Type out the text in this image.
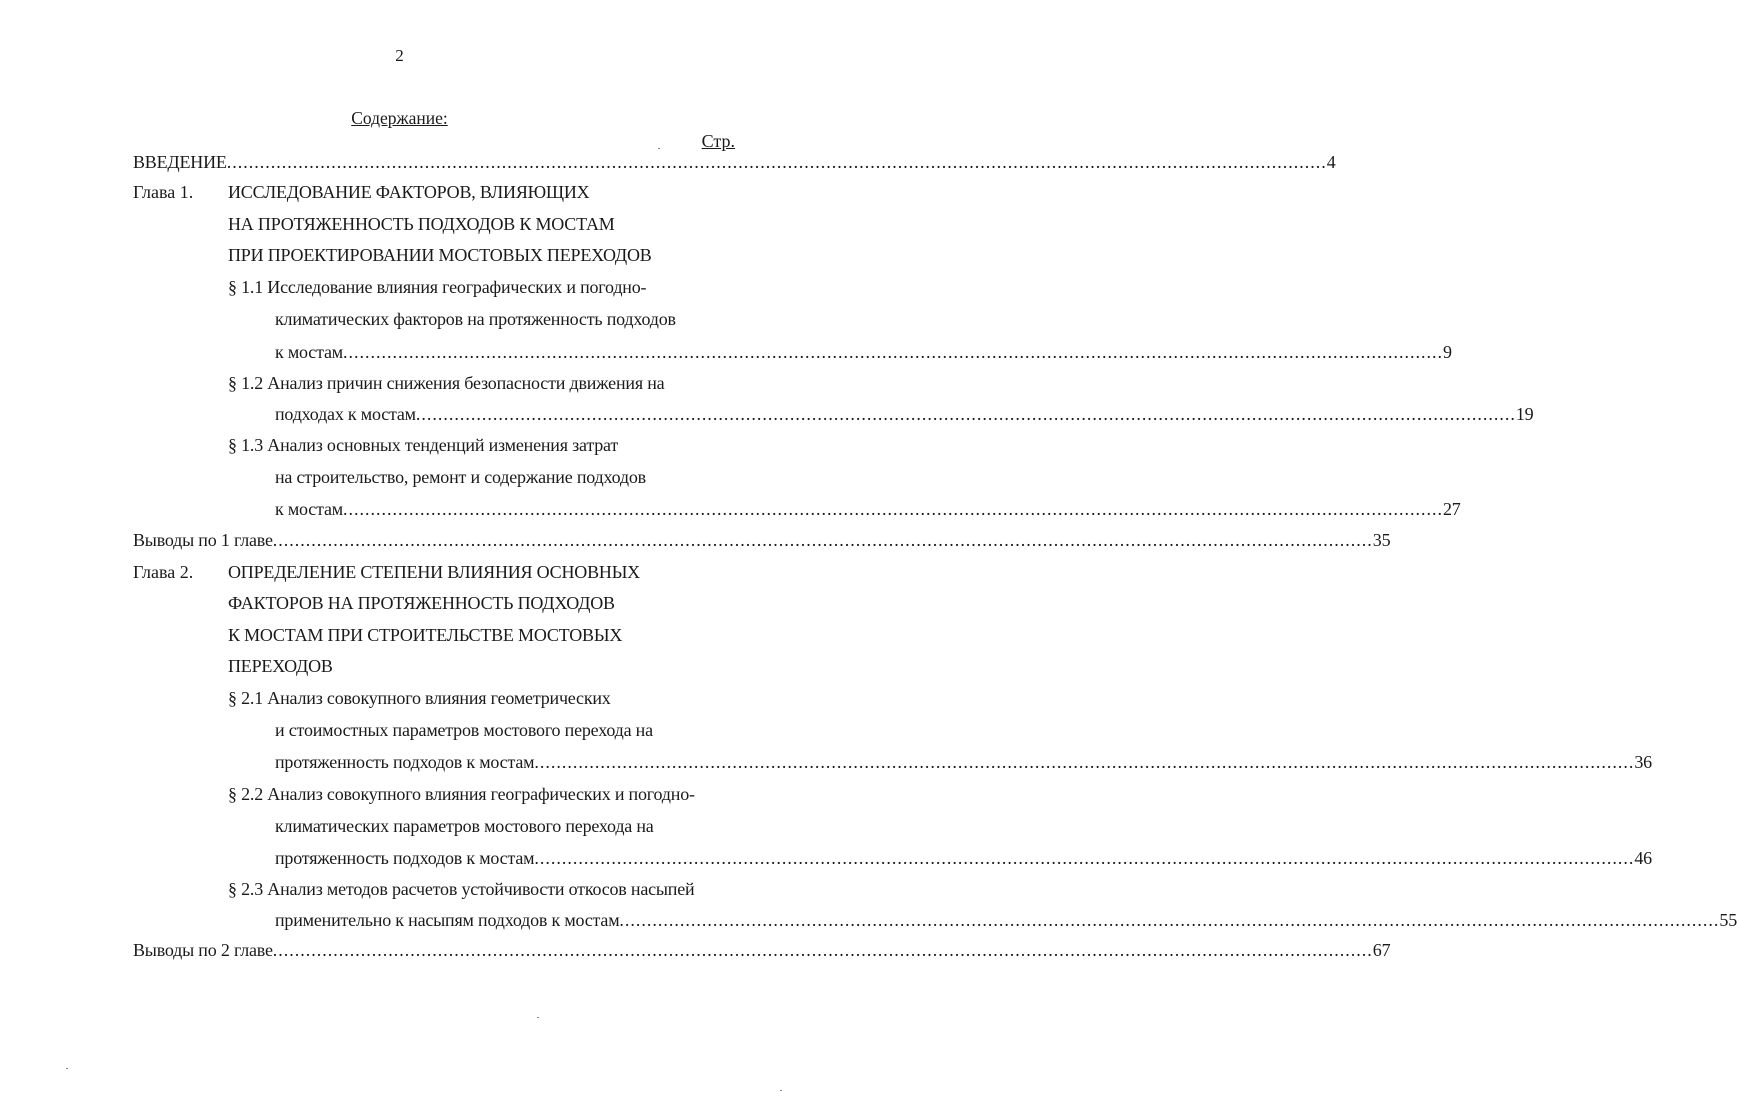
2
Содержание:
Стр.
ВВЕДЕНИЕ ........................................................................................................................................................................................................ 4
Глава 1. ИССЛЕДОВАНИЕ ФАКТОРОВ, ВЛИЯЮЩИХ
НА ПРОТЯЖЕННОСТЬ ПОДХОДОВ К МОСТАМ
ПРИ ПРОЕКТИРОВАНИИ МОСТОВЫХ ПЕРЕХОДОВ
§ 1.1 Исследование влияния географических и погодно-
климатических факторов на протяженность подходов
к мостам ........................................................................................................................................................................................................ 9
§ 1.2 Анализ причин снижения безопасности движения на
подходах к мостам ........................................................................................................................................................................................................ 19
§ 1.3 Анализ основных тенденций изменения затрат
на строительство, ремонт и содержание подходов
к мостам ........................................................................................................................................................................................................ 27
Выводы по 1 главе ........................................................................................................................................................................................................ 35
Глава 2. ОПРЕДЕЛЕНИЕ СТЕПЕНИ ВЛИЯНИЯ ОСНОВНЫХ
ФАКТОРОВ НА ПРОТЯЖЕННОСТЬ ПОДХОДОВ
К МОСТАМ ПРИ СТРОИТЕЛЬСТВЕ МОСТОВЫХ
ПЕРЕХОДОВ
§ 2.1 Анализ совокупного влияния геометрических
и стоимостных параметров мостового перехода на
протяженность подходов к мостам ........................................................................................................................................................................................................ 36
§ 2.2 Анализ совокупного влияния географических и погодно-
климатических параметров мостового перехода на
протяженность подходов к мостам ........................................................................................................................................................................................................ 46
§ 2.3 Анализ методов расчетов устойчивости откосов насыпей
применительно к насыпям подходов к мостам ........................................................................................................................................................................................................ 55
Выводы по 2 главе ........................................................................................................................................................................................................ 67
